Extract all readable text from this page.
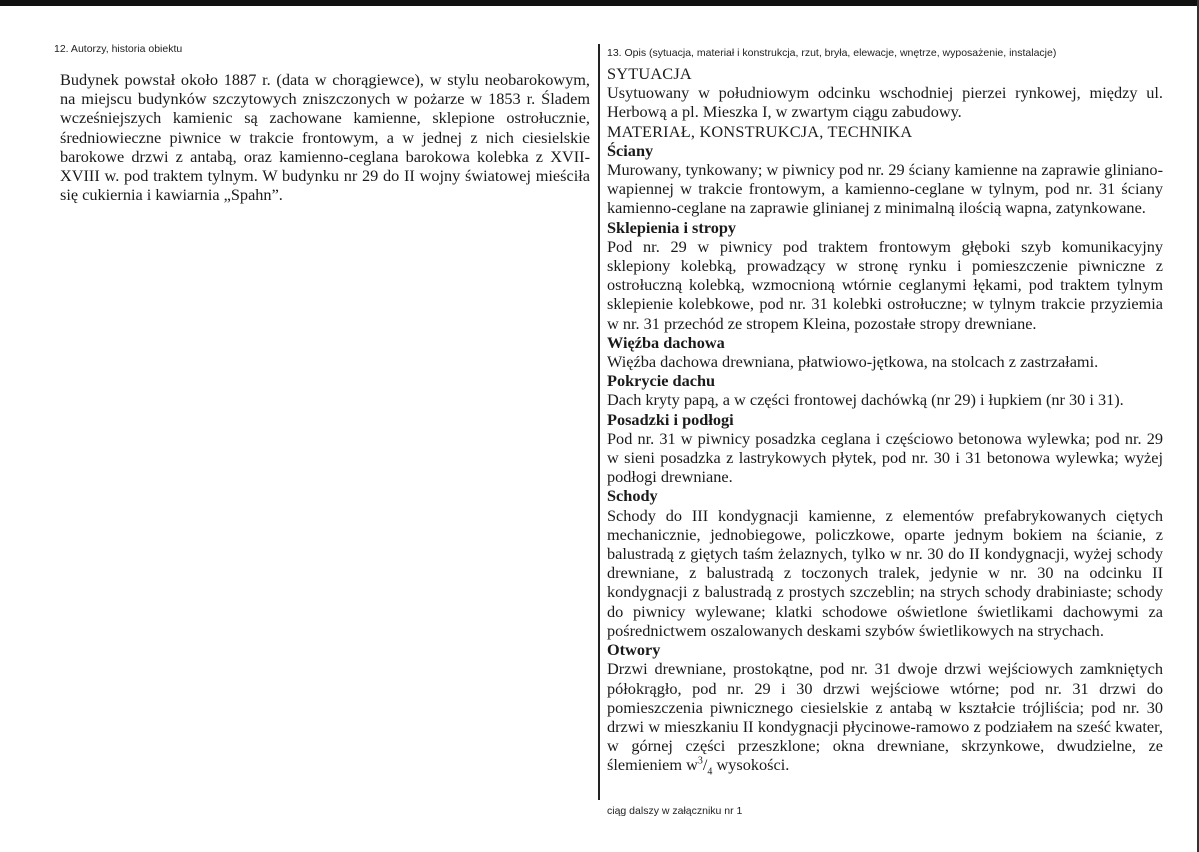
12. Autorzy, historia obiektu

Budynek powstał około 1887 r. (data w chorągiewce), w stylu neobarokowym, na miejscu budynków szczytowych zniszczonych w pożarze w 1853 r. Śladem wcześniejszych kamienic są zachowane kamienne, sklepione ostrołucznie, średniowieczne piwnice w trakcie frontowym, a w jednej z nich ciesielskie barokowe drzwi z antabą, oraz kamienno-ceglana barokowa kolebka z XVII-XVIII w. pod traktem tylnym. W budynku nr 29 do II wojny światowej mieściła się cukiernia i kawiarnia „Spahn”.

13. Opis (sytuacja, materiał i konstrukcja, rzut, bryła, elewacje, wnętrze, wyposażenie, instalacje)

SYTUACJA

Usytuowany w południowym odcinku wschodniej pierzei rynkowej, między ul. Herbową a pl. Mieszka I, w zwartym ciągu zabudowy.

MATERIAŁ, KONSTRUKCJA, TECHNIKA

Ściany

Murowany, tynkowany; w piwnicy pod nr. 29 ściany kamienne na zaprawie gliniano-wapiennej w trakcie frontowym, a kamienno-ceglane w tylnym, pod nr. 31 ściany kamienno-ceglane na zaprawie glinianej z minimalną ilością wapna, zatynkowane.

Sklepienia i stropy

Pod nr. 29 w piwnicy pod traktem frontowym głęboki szyb komunikacyjny sklepiony kolebką, prowadzący w stronę rynku i pomieszczenie piwniczne z ostrołuczną kolebką, wzmocnioną wtórnie ceglanymi łękami, pod traktem tylnym sklepienie kolebkowe, pod nr. 31 kolebki ostrołuczne; w tylnym trakcie przyziemia w nr. 31 przechód ze stropem Kleina, pozostałe stropy drewniane.

Więźba dachowa

Więźba dachowa drewniana, płatwiowo-jętkowa, na stolcach z zastrzałami.

Pokrycie dachu

Dach kryty papą, a w części frontowej dachówką (nr 29) i łupkiem (nr 30 i 31).

Posadzki i podłogi

Pod nr. 31 w piwnicy posadzka ceglana i częściowo betonowa wylewka; pod nr. 29 w sieni posadzka z lastrykowych płytek, pod nr. 30 i 31 betonowa wylewka; wyżej podłogi drewniane.

Schody

Schody do III kondygnacji kamienne, z elementów prefabrykowanych ciętych mechanicznie, jednobiegowe, policzkowe, oparte jednym bokiem na ścianie, z balustradą z giętych taśm żelaznych, tylko w nr. 30 do II kondygnacji, wyżej schody drewniane, z balustradą z toczonych tralek, jedynie w nr. 30 na odcinku II kondygnacji z balustradą z prostych szczeblin; na strych schody drabiniaste; schody do piwnicy wylewane; klatki schodowe oświetlone świetlikami dachowymi za pośrednictwem oszalowanych deskami szybów świetlikowych na strychach.

Otwory

Drzwi drewniane, prostokątne, pod nr. 31 dwoje drzwi wejściowych zamkniętych półokrągło, pod nr. 29 i 30 drzwi wejściowe wtórne; pod nr. 31 drzwi do pomieszczenia piwnicznego ciesielskie z antabą w kształcie trójliścia; pod nr. 30 drzwi w mieszkaniu II kondygnacji płycinowe-ramowo z podziałem na sześć kwater, w górnej części przeszklone; okna drewniane, skrzynkowe, dwudzielne, ze ślemieniem $w^3/_4$ wysokości.

ciąg dalszy w załączniku nr 1
